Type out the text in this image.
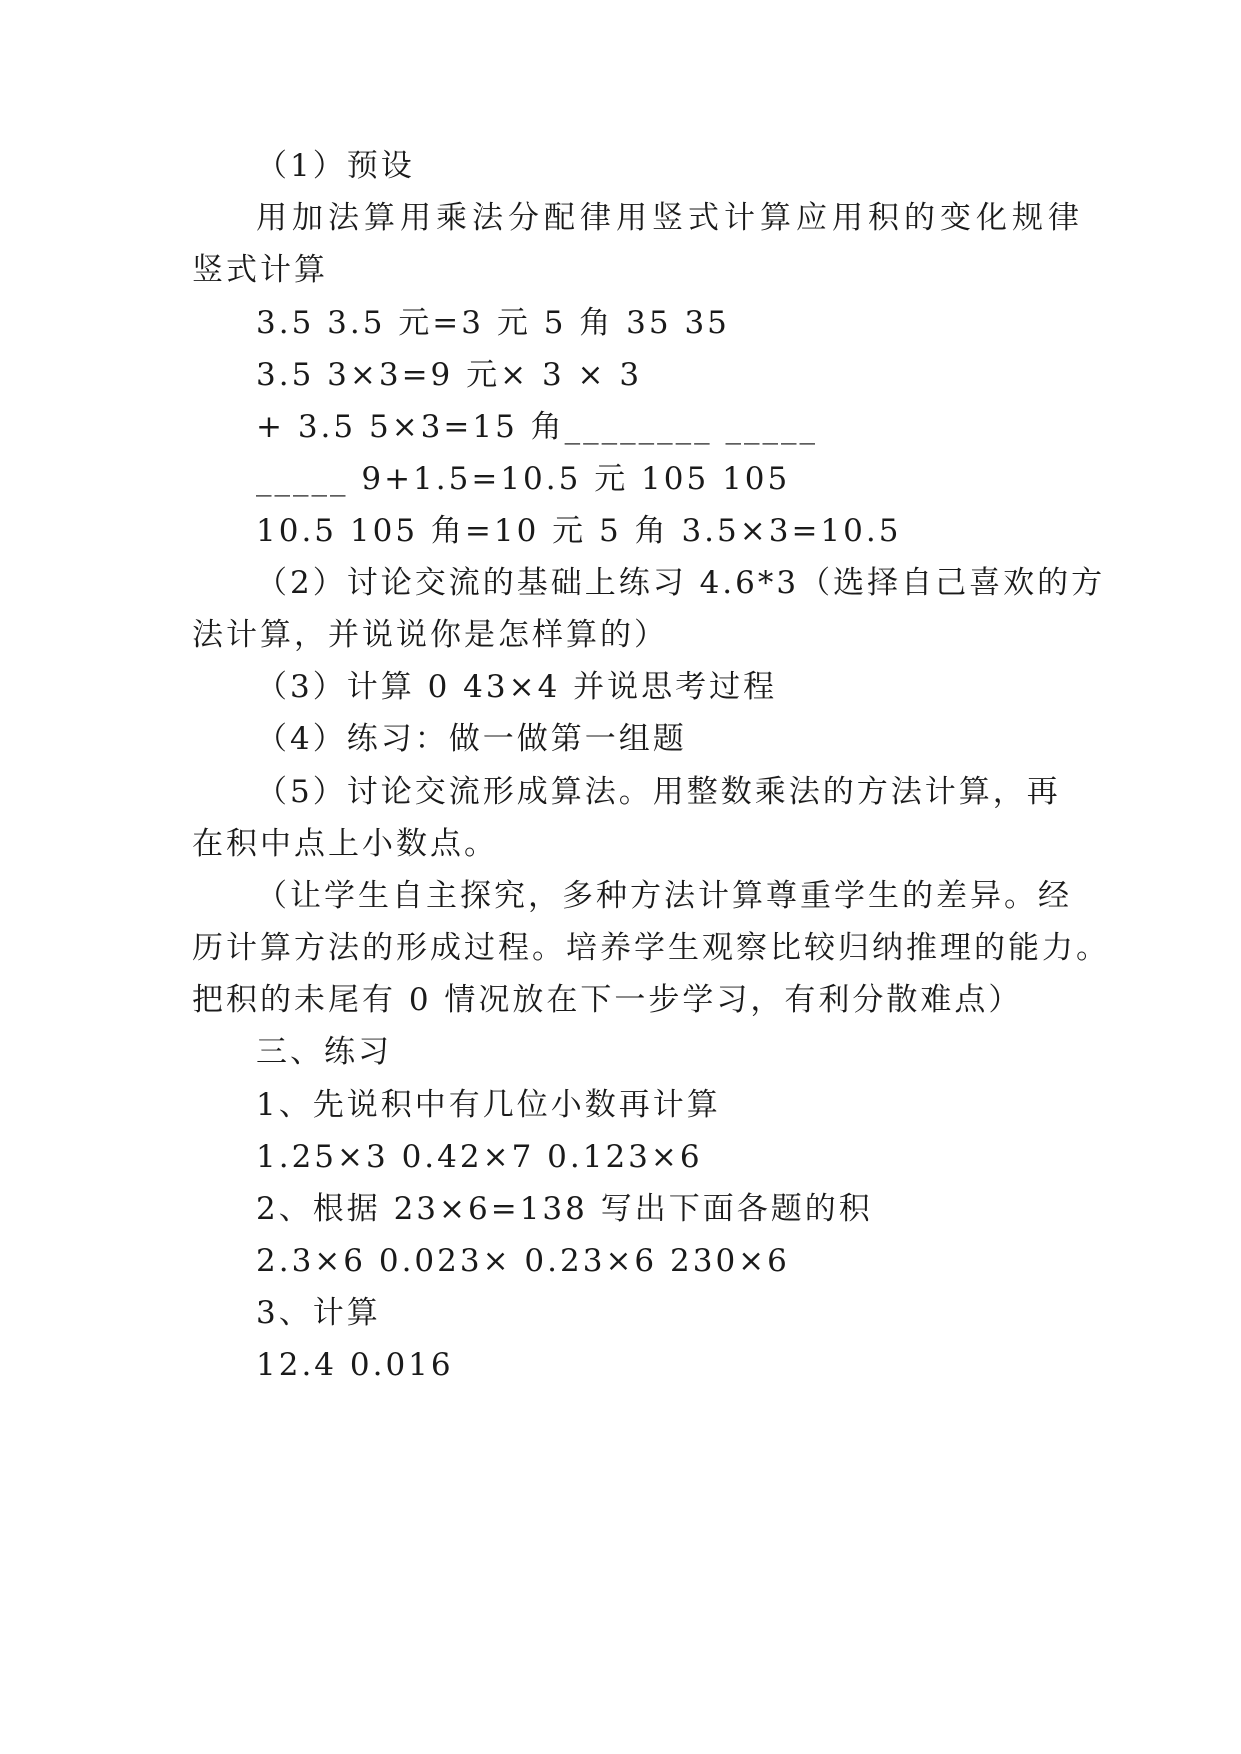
（1）预设
用加法算用乘法分配律用竖式计算应用积的变化规律
竖式计算
3.5 3.5 元=3 元 5 角 35 35
3.5 3×3=9 元× 3 × 3
+ 3.5 5×3=15 角________ _____
_____ 9+1.5=10.5 元 105 105
10.5 105 角=10 元 5 角 3.5×3=10.5
（2）讨论交流的基础上练习 4.6*3（选择自己喜欢的方
法计算，并说说你是怎样算的）
（3）计算 0 43×4 并说思考过程
（4）练习：做一做第一组题
（5）讨论交流形成算法。用整数乘法的方法计算，再
在积中点上小数点。
（让学生自主探究，多种方法计算尊重学生的差异。经
历计算方法的形成过程。培养学生观察比较归纳推理的能力。
把积的未尾有 0 情况放在下一步学习，有利分散难点）
三、练习
1、先说积中有几位小数再计算
1.25×3 0.42×7 0.123×6
2、根据 23×6=138 写出下面各题的积
2.3×6 0.023× 0.23×6 230×6
3、计算
12.4 0.016
